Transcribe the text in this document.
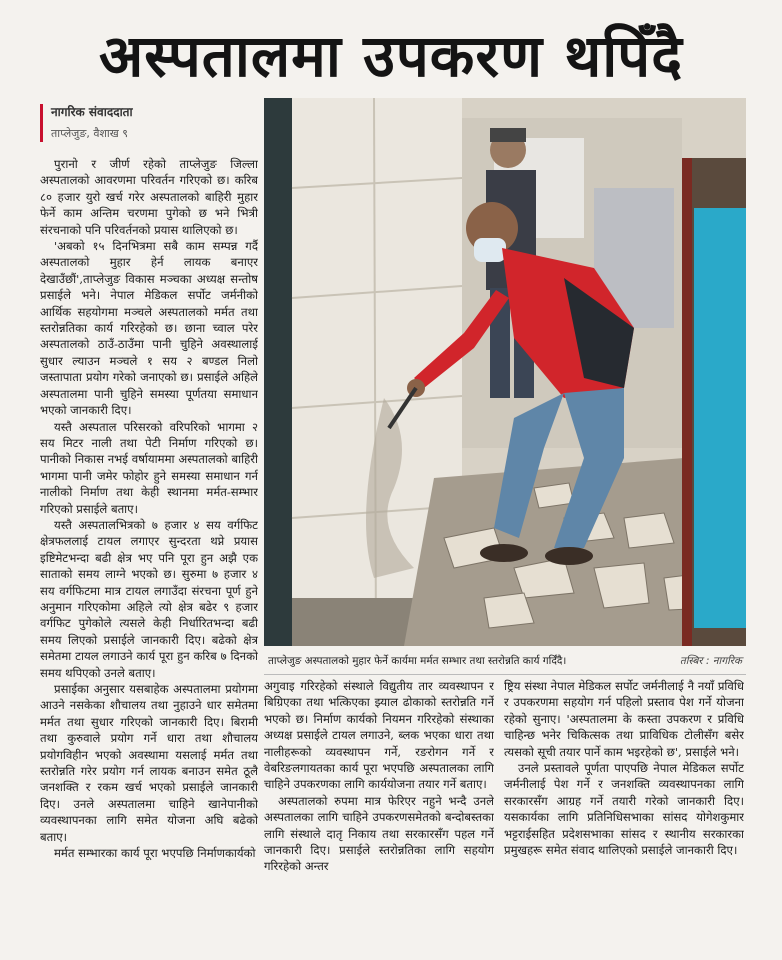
अस्पतालमा उपकरण थपिँदै
नागरिक संवाददाता
ताप्लेजुङ, वैशाख ९

पुरानो र जीर्ण रहेको ताप्लेजुङ जिल्ला अस्पतालको आवरणमा परिवर्तन गरिएको छ। करिब ८० हजार युरो खर्च गरेर अस्पतालको बाहिरी मुहार फेर्ने काम अन्तिम चरणमा पुगेको छ भने भित्री संरचनाको पनि परिवर्तनको प्रयास थालिएको छ।

'अबको १५ दिनभित्रमा सबै काम सम्पन्न गर्दै अस्पतालको मुहार हेर्न लायक बनाएर देखाउँछौं',ताप्लेजुङ विकास मञ्चका अध्यक्ष सन्तोष प्रसाईले भने। नेपाल मेडिकल सर्पोट जर्मनीको आर्थिक सहयोगमा मञ्चले अस्पतालको मर्मत तथा स्तरोन्नतिका कार्य गरिरहेको छ। छाना च्वाल परेर अस्पतालको ठाउँ-ठाउँमा पानी चुहिने अवस्थालाई सुधार ल्याउन मञ्चले १ सय २ बण्डल निलो जस्तापाता प्रयोग गरेको जनाएको छ। प्रसाईले अहिले अस्पतालमा पानी चुहिने समस्या पूर्णतया समाधान भएको जानकारी दिए।

यस्तै अस्पताल परिसरको वरिपरिको भागमा २ सय मिटर नाली तथा पेटी निर्माण गरिएको छ। पानीको निकास नभई वर्षायाममा अस्पतालको बाहिरी भागमा पानी जमेर फोहोर हुने समस्या समाधान गर्न नालीको निर्माण तथा केही स्थानमा मर्मत-सम्भार गरिएको प्रसाईले बताए।

यस्तै अस्पतालभित्रको ७ हजार ४ सय वर्गफिट क्षेत्रफललाई टायल लगाएर सुन्दरता थप्ने प्रयास इष्टिमेटभन्दा बढी क्षेत्र भए पनि पूरा हुन अझै एक साताको समय लाग्ने भएको छ। सुरुमा ७ हजार ४ सय वर्गफिटमा मात्र टायल लगाउँदा संरचना पूर्ण हुने अनुमान गरिएकोमा अहिले त्यो क्षेत्र बढेर ९ हजार वर्गफिट पुगेकोले त्यसले केही निर्धारितभन्दा बढी समय लिएको प्रसाईले जानकारी दिए। बढेको क्षेत्र समेतमा टायल लगाउने कार्य पूरा हुन करिब ७ दिनको समय थपिएको उनले बताए।

प्रसाईका अनुसार यसबाहेक अस्पतालमा प्रयोगमा आउने नसकेका शौचालय तथा नुहाउने धार समेतमा मर्मत तथा सुधार गरिएको जानकारी दिए। बिरामी तथा कुरुवाले प्रयोग गर्ने धारा तथा शौचालय प्रयोगविहीन भएको अवस्थामा यसलाई मर्मत तथा स्तरोन्नति गरेर प्रयोग गर्न लायक बनाउन समेत ठूलै जनशक्ति र रकम खर्च भएको प्रसाईले जानकारी दिए। उनले अस्पतालमा चाहिने खानेपानीको व्यवस्थापनका लागि समेत योजना अघि बढेको बताए।

मर्मत सम्भारका कार्य पूरा भएपछि निर्माणकार्यको

ताप्लेजुङ अस्पतालको मुहार फेर्ने कार्यमा मर्मत सम्भार तथा स्तरोन्नति कार्य गर्दिँदै।	तस्बिर : नागरिक

अगुवाइ गरिरहेको संस्थाले विद्युतीय तार व्यवस्थापन र बिग्रिएका तथा भत्किएका झ्याल ढोकाको स्तरोन्नति गर्ने भएको छ। निर्माण कार्यको नियमन गरिरहेको संस्थाका अध्यक्ष प्रसाईले टायल लगाउने, ब्लक भएका धारा तथा नालीहरूको व्यवस्थापन गर्ने, रङरोगन गर्ने र वेबरिङलगायतका कार्य पूरा भएपछि अस्पतालका लागि चाहिने उपकरणका लागि कार्ययोजना तयार गर्ने बताए।

अस्पतालको रुपमा मात्र फेरिएर नहुने भन्दै उनले अस्पतालका लागि चाहिने उपकरणसमेतको बन्दोबस्तका लागि संस्थाले दातृ निकाय तथा सरकारसँग पहल गर्ने जानकारी दिए। प्रसाईले स्तरोन्नतिका लागि सहयोग गरिरहेको अन्तर

ष्ट्रिय संस्था नेपाल मेडिकल सर्पोट जर्मनीलाई नै नयाँ प्रविधि र उपकरणमा सहयोग गर्न पहिलो प्रस्ताव पेश गर्ने योजना रहेको सुनाए। 'अस्पतालमा के कस्ता उपकरण र प्रविधि चाहिन्छ भनेर चिकित्सक तथा प्राविधिक टोलीसँग बसेर त्यसको सूची तयार पार्ने काम भइरहेको छ', प्रसाईले भने।

उनले प्रस्तावले पूर्णता पाएपछि नेपाल मेडिकल सर्पोट जर्मनीलाई पेश गर्ने र जनशक्ति व्यवस्थापनका लागि सरकारसँग आग्रह गर्ने तयारी गरेको जानकारी दिए। यसकार्यका लागि प्रतिनिधिसभाका सांसद योगेशकुमार भट्टराईसहित प्रदेशसभाका सांसद र स्थानीय सरकारका प्रमुखहरू समेत संवाद थालिएको प्रसाईले जानकारी दिए।
